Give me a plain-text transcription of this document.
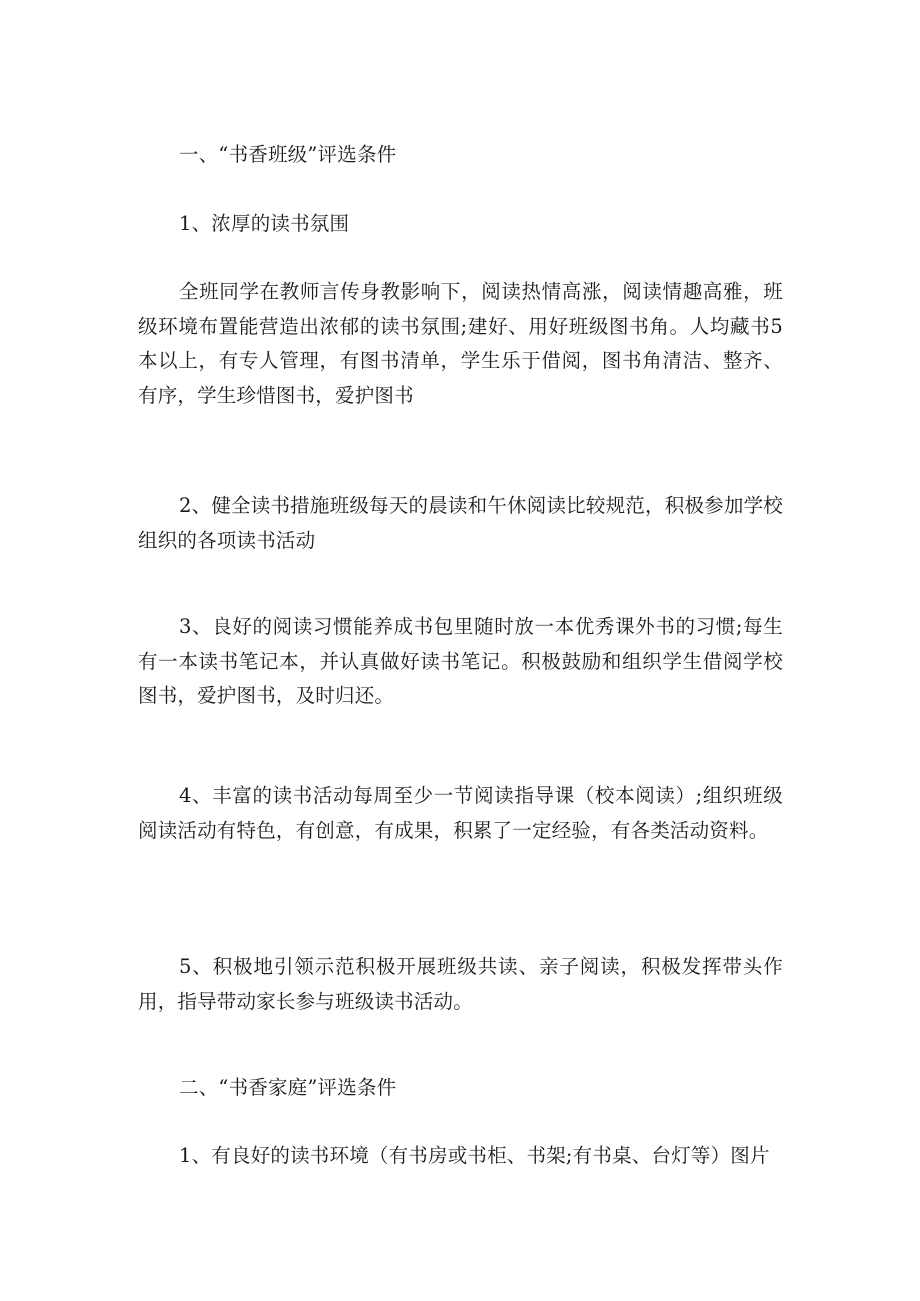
一、“书香班级”评选条件

1、浓厚的读书氛围

全班同学在教师言传身教影响下，阅读热情高涨，阅读情趣高雅，班级环境布置能营造出浓郁的读书氛围;建好、用好班级图书角。人均藏书5 本以上，有专人管理，有图书清单，学生乐于借阅，图书角清洁、整齐、有序，学生珍惜图书，爱护图书

2、健全读书措施班级每天的晨读和午休阅读比较规范，积极参加学校组织的各项读书活动

3、良好的阅读习惯能养成书包里随时放一本优秀课外书的习惯;每生有一本读书笔记本，并认真做好读书笔记。积极鼓励和组织学生借阅学校图书，爱护图书，及时归还。

4、丰富的读书活动每周至少一节阅读指导课（校本阅读）;组织班级阅读活动有特色，有创意，有成果，积累了一定经验，有各类活动资料。

5、积极地引领示范积极开展班级共读、亲子阅读，积极发挥带头作用，指导带动家长参与班级读书活动。

二、“书香家庭”评选条件

1、有良好的读书环境（有书房或书柜、书架;有书桌、台灯等）图片
